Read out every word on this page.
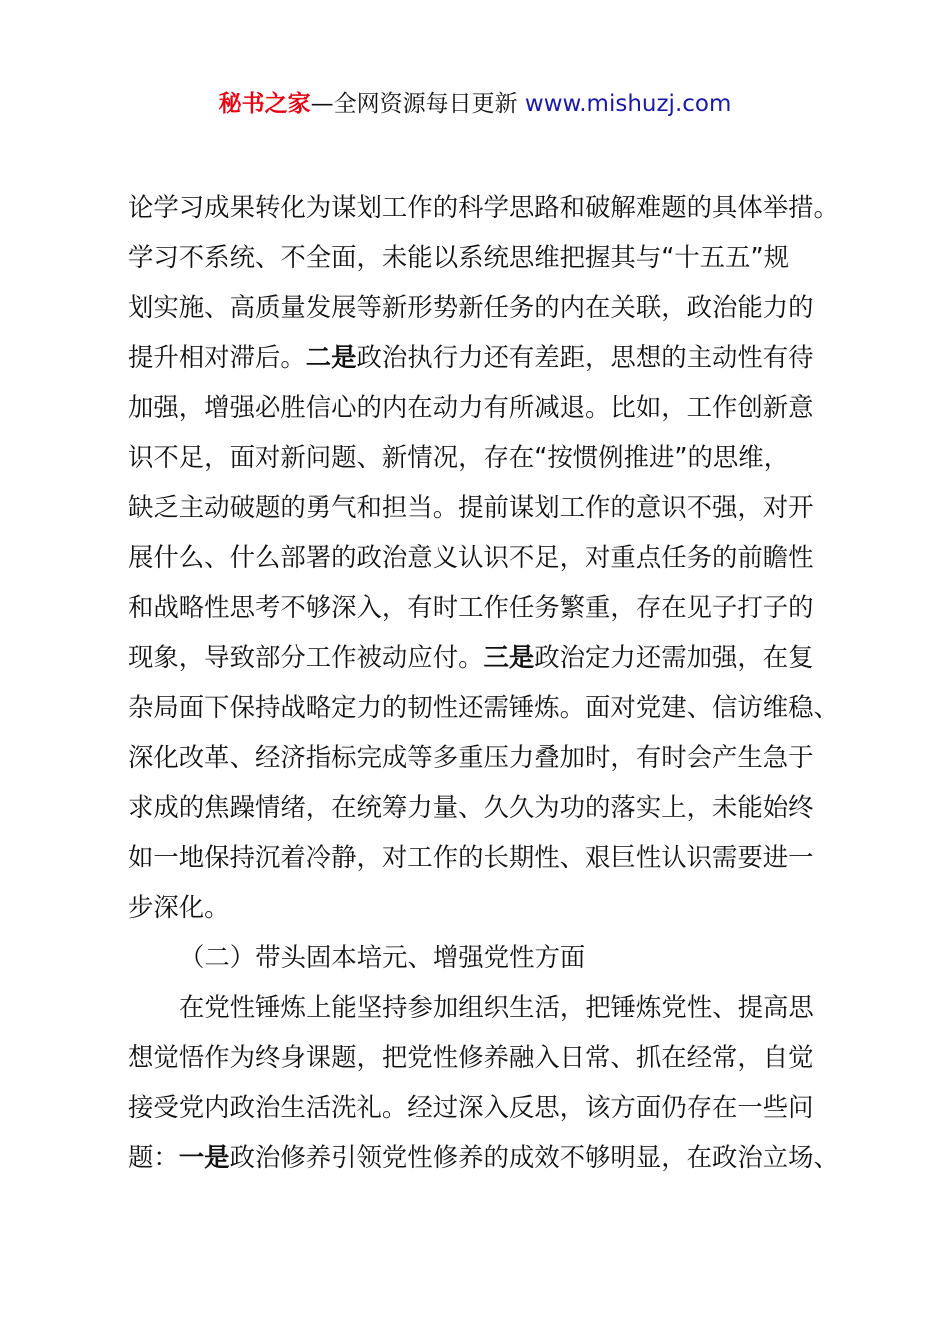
秘书之家—全网资源每日更新 www.mishuzj.com
论学习成果转化为谋划工作的科学思路和破解难题的具体举措。
学习不系统、不全面，未能以系统思维把握其与“十五五”规
划实施、高质量发展等新形势新任务的内在关联，政治能力的
提升相对滞后。二是政治执行力还有差距，思想的主动性有待
加强，增强必胜信心的内在动力有所减退。比如，工作创新意
识不足，面对新问题、新情况，存在“按惯例推进”的思维，
缺乏主动破题的勇气和担当。提前谋划工作的意识不强，对开
展什么、什么部署的政治意义认识不足，对重点任务的前瞻性
和战略性思考不够深入，有时工作任务繁重，存在见子打子的
现象，导致部分工作被动应付。三是政治定力还需加强，在复
杂局面下保持战略定力的韧性还需锤炼。面对党建、信访维稳、
深化改革、经济指标完成等多重压力叠加时，有时会产生急于
求成的焦躁情绪，在统筹力量、久久为功的落实上，未能始终
如一地保持沉着冷静，对工作的长期性、艰巨性认识需要进一
步深化。
（二）带头固本培元、增强党性方面
在党性锤炼上能坚持参加组织生活，把锤炼党性、提高思
想觉悟作为终身课题，把党性修养融入日常、抓在经常，自觉
接受党内政治生活洗礼。经过深入反思，该方面仍存在一些问
题：一是政治修养引领党性修养的成效不够明显，在政治立场、
